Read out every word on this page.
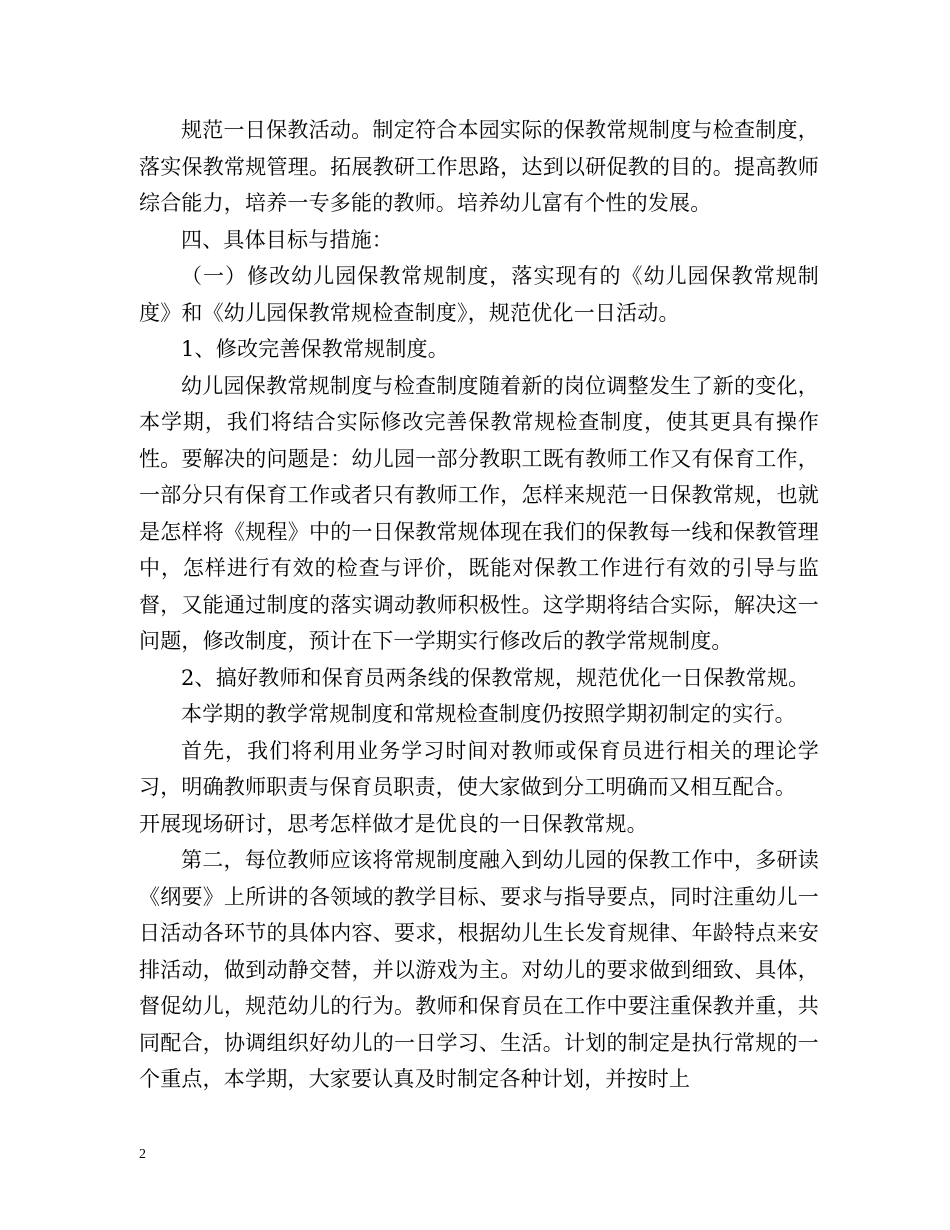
规范一日保教活动。制定符合本园实际的保教常规制度与检查制度，落实保教常规管理。拓展教研工作思路，达到以研促教的目的。提高教师综合能力，培养一专多能的教师。培养幼儿富有个性的发展。

四、具体目标与措施：

（一）修改幼儿园保教常规制度，落实现有的《幼儿园保教常规制度》和《幼儿园保教常规检查制度》，规范优化一日活动。

1、修改完善保教常规制度。

幼儿园保教常规制度与检查制度随着新的岗位调整发生了新的变化，本学期，我们将结合实际修改完善保教常规检查制度，使其更具有操作性。要解决的问题是：幼儿园一部分教职工既有教师工作又有保育工作，一部分只有保育工作或者只有教师工作，怎样来规范一日保教常规，也就是怎样将《规程》中的一日保教常规体现在我们的保教每一线和保教管理中，怎样进行有效的检查与评价，既能对保教工作进行有效的引导与监督，又能通过制度的落实调动教师积极性。这学期将结合实际，解决这一问题，修改制度，预计在下一学期实行修改后的教学常规制度。

2、搞好教师和保育员两条线的保教常规，规范优化一日保教常规。

本学期的教学常规制度和常规检查制度仍按照学期初制定的实行。

首先，我们将利用业务学习时间对教师或保育员进行相关的理论学习，明确教师职责与保育员职责，使大家做到分工明确而又相互配合。

开展现场研讨，思考怎样做才是优良的一日保教常规。

第二，每位教师应该将常规制度融入到幼儿园的保教工作中，多研读《纲要》上所讲的各领域的教学目标、要求与指导要点，同时注重幼儿一日活动各环节的具体内容、要求，根据幼儿生长发育规律、年龄特点来安排活动，做到动静交替，并以游戏为主。对幼儿的要求做到细致、具体，督促幼儿，规范幼儿的行为。教师和保育员在工作中要注重保教并重，共同配合，协调组织好幼儿的一日学习、生活。计划的制定是执行常规的一个重点，本学期，大家要认真及时制定各种计划，并按时上

2
